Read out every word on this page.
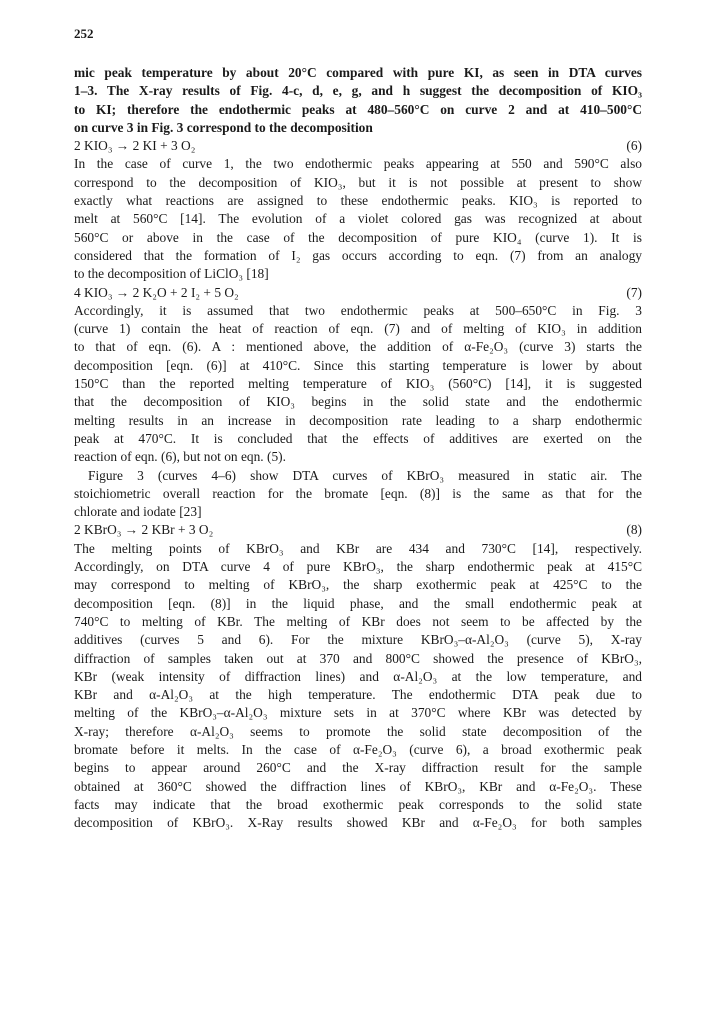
252
mic peak temperature by about 20°C compared with pure KI, as seen in DTA curves
1–3. The X-ray results of Fig. 4-c, d, e, g, and h suggest the decomposition of KIO₃
to KI; therefore the endothermic peaks at 480–560°C on curve 2 and at 410–500°C
on curve 3 in Fig. 3 correspond to the decomposition
2 KIO₃ → 2 KI + 3 O₂	(6)
In the case of curve 1, the two endothermic peaks appearing at 550 and 590°C also
correspond to the decomposition of KIO₃, but it is not possible at present to show
exactly what reactions are assigned to these endothermic peaks. KIO₃ is reported to
melt at 560°C [14]. The evolution of a violet colored gas was recognized at about
560°C or above in the case of the decomposition of pure KIO₄ (curve 1). It is
considered that the formation of I₂ gas occurs according to eqn. (7) from an analogy
to the decomposition of LiClO₃ [18]
4 KIO₃ → 2 K₂O + 2 I₂ + 5 O₂	(7)
Accordingly, it is assumed that two endothermic peaks at 500–650°C in Fig. 3
(curve 1) contain the heat of reaction of eqn. (7) and of melting of KIO₃ in addition
to that of eqn. (6). A : mentioned above, the addition of α-Fe₂O₃ (curve 3) starts the
decomposition [eqn. (6)] at 410°C. Since this starting temperature is lower by about
150°C than the reported melting temperature of KIO₃ (560°C) [14], it is suggested
that the decomposition of KIO₃ begins in the solid state and the endothermic
melting results in an increase in decomposition rate leading to a sharp endothermic
peak at 470°C. It is concluded that the effects of additives are exerted on the
reaction of eqn. (6), but not on eqn. (5).
Figure 3 (curves 4–6) show DTA curves of KBrO₃ measured in static air. The
stoichiometric overall reaction for the bromate [eqn. (8)] is the same as that for the
chlorate and iodate [23]
2 KBrO₃ → 2 KBr + 3 O₂	(8)
The melting points of KBrO₃ and KBr are 434 and 730°C [14], respectively.
Accordingly, on DTA curve 4 of pure KBrO₃, the sharp endothermic peak at 415°C
may correspond to melting of KBrO₃, the sharp exothermic peak at 425°C to the
decomposition [eqn. (8)] in the liquid phase, and the small endothermic peak at
740°C to melting of KBr. The melting of KBr does not seem to be affected by the
additives (curves 5 and 6). For the mixture KBrO₃–α-Al₂O₃ (curve 5), X-ray
diffraction of samples taken out at 370 and 800°C showed the presence of KBrO₃,
KBr (weak intensity of diffraction lines) and α-Al₂O₃ at the low temperature, and
KBr and α-Al₂O₃ at the high temperature. The endothermic DTA peak due to
melting of the KBrO₃–α-Al₂O₃ mixture sets in at 370°C where KBr was detected by
X-ray; therefore α-Al₂O₃ seems to promote the solid state decomposition of the
bromate before it melts. In the case of α-Fe₂O₃ (curve 6), a broad exothermic peak
begins to appear around 260°C and the X-ray diffraction result for the sample
obtained at 360°C showed the diffraction lines of KBrO₃, KBr and α-Fe₂O₃. These
facts may indicate that the broad exothermic peak corresponds to the solid state
decomposition of KBrO₃. X-Ray results showed KBr and α-Fe₂O₃ for both samples
